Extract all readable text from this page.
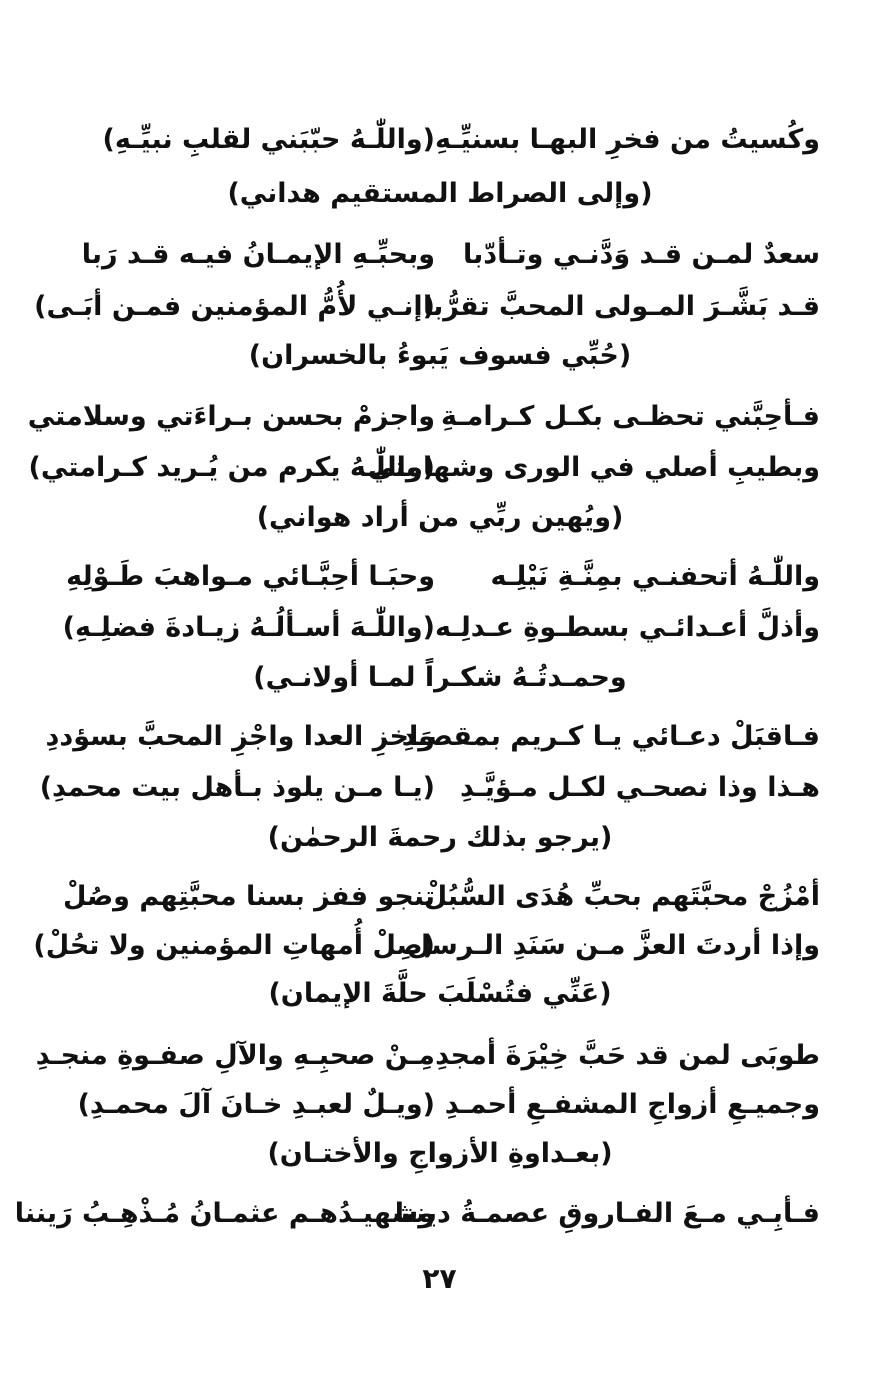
وكُسيتُ من فخرِ البهـا بسنيِّـهِ
(واللّٰـهُ حبّبَني لقلبِ نبيِّـهِ)
(وإلى الصراط المستقيم هداني)
سعدٌ لمـن قـد وَدَّنـي وتـأدّبا
وبحبِّـهِ الإيمـانُ فيـه قـد رَبا
قـد بَشَّـرَ المـولى المحبَّ تقرُّبا
(إنـي لأُمُّ المؤمنين فمـن أبَـى)
(حُبِّي فسوف يَبوءُ بالخسران)
فـأحِبَّني تحظـى بكـل كـرامـةِ
واجزمْ بحسن بـراءَتي وسلامتي
وبطيبِ أصلي في الورى وشهامتي
(واللّٰـهُ يكرم من يُـريد كـرامتي)
(ويُهين ربِّي من أراد هواني)
واللّٰـهُ أتحفنـي بمِنَّـةِ نَيْلِـه
وحبَـا أحِبَّـائي مـواهبَ طَـوْلِهِ
وأذلَّ أعـدائـي بسطـوةِ عـدلِـه
(واللّٰـهَ أسـألُـهُ زيـادةَ فضلِـهِ)
وحمـدتُـهُ شكـراً لمـا أولانـي)
فـاقبَلْ دعـائي يـا كـريم بمقصـدِ
وَاخزِ العدا واجْزِ المحبَّ بسؤددِ
هـذا وذا نصحـي لكـل مـؤيَّـدِ
(يـا مـن يلوذ بـأهل بيت محمدِ)
(يرجو بذلك رحمةَ الرحمٰن)
أمْزُجْ محبَّتَهم بحبِّ هُدَى السُّبُلْ
تنجو ففز بسنا محبَّتِهم وصُلْ
وإذا أردتَ العزَّ مـن سَنَدِ الـرسل
(صِلْ أُمهاتِ المؤمنين ولا تحُلْ)
(عَنِّي فتُسْلَبَ حلَّةَ الإيمان)
طوبَى لمن قد حَبَّ خِيْرَةَ أمجدِ
مِـنْ صحبِـهِ والآلِ صفـوةِ منجـدِ
وجميـعِ أزواجِ المشفـعِ أحمـدِ
(ويـلٌ لعبـدِ خـانَ آلَ محمـدِ)
(بعـداوةِ الأزواجِ والأختـان)
فـأبِـي مـعَ الفـاروقِ عصمـةُ ديننا
وشهيـدُهـم عثمـانُ مُـذْهِـبُ رَيننا
٢٧
